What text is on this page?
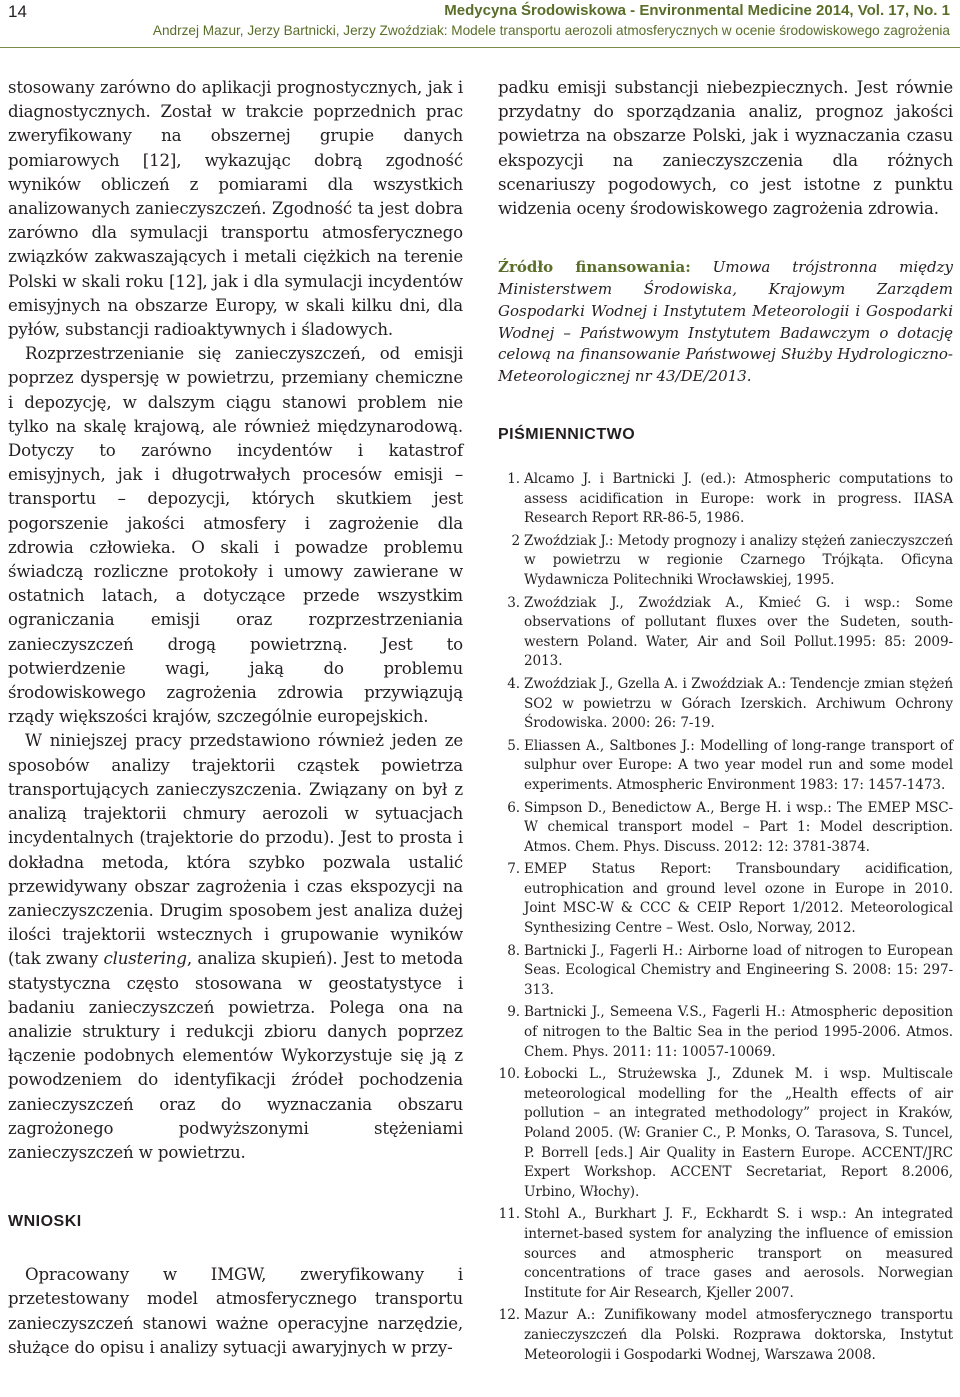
14	Medycyna Środowiskowa - Environmental Medicine 2014, Vol. 17, No. 1
Andrzej Mazur, Jerzy Bartnicki, Jerzy Zwoździak: Modele transportu aerozoli atmosferycznych w ocenie środowiskowego zagrożenia

stosowany zarówno do aplikacji prognostycznych, jak i diagnostycznych. Został w trakcie poprzednich prac zweryfikowany na obszernej grupie danych pomiarowych [12], wykazując dobrą zgodność wyników obliczeń z pomiarami dla wszystkich analizowanych zanieczyszczeń. Zgodność ta jest dobra zarówno dla symulacji transportu atmosferycznego związków zakwaszających i metali ciężkich na terenie Polski w skali roku [12], jak i dla symulacji incydentów emisyjnych na obszarze Europy, w skali kilku dni, dla pyłów, substancji radioaktywnych i śladowych.

Rozprzestrzenianie się zanieczyszczeń, od emisji poprzez dyspersję w powietrzu, przemiany chemiczne i depozycję, w dalszym ciągu stanowi problem nie tylko na skalę krajową, ale również międzynarodową. Dotyczy to zarówno incydentów i katastrof emisyjnych, jak i długotrwałych procesów emisji – transportu – depozycji, których skutkiem jest pogorszenie jakości atmosfery i zagrożenie dla zdrowia człowieka. O skali i powadze problemu świadczą rozliczne protokoły i umowy zawierane w ostatnich latach, a dotyczące przede wszystkim ograniczania emisji oraz rozprzestrzeniania zanieczyszczeń drogą powietrzną. Jest to potwierdzenie wagi, jaką do problemu środowiskowego zagrożenia zdrowia przywiązują rządy większości krajów, szczególnie europejskich.

W niniejszej pracy przedstawiono również jeden ze sposobów analizy trajektorii cząstek powietrza transportujących zanieczyszczenia. Związany on był z analizą trajektorii chmury aerozoli w sytuacjach incydentalnych (trajektorie do przodu). Jest to prosta i dokładna metoda, która szybko pozwala ustalić przewidywany obszar zagrożenia i czas ekspozycji na zanieczyszczenia. Drugim sposobem jest analiza dużej ilości trajektorii wstecznych i grupowanie wyników (tak zwany clustering, analiza skupień). Jest to metoda statystyczna często stosowana w geostatystyce i badaniu zanieczyszczeń powietrza. Polega ona na analizie struktury i redukcji zbioru danych poprzez łączenie podobnych elementów Wykorzystuje się ją z powodzeniem do identyfikacji źródeł pochodzenia zanieczyszczeń oraz do wyznaczania obszaru zagrożonego podwyższonymi stężeniami zanieczyszczeń w powietrzu.

WNIOSKI

Opracowany w IMGW, zweryfikowany i przetestowany model atmosferycznego transportu zanieczyszczeń stanowi ważne operacyjne narzędzie, służące do opisu i analizy sytuacji awaryjnych w przy-

padku emisji substancji niebezpiecznych. Jest równie przydatny do sporządzania analiz, prognoz jakości powietrza na obszarze Polski, jak i wyznaczania czasu ekspozycji na zanieczyszczenia dla różnych scenariuszy pogodowych, co jest istotne z punktu widzenia oceny środowiskowego zagrożenia zdrowia.

Źródło finansowania: Umowa trójstronna między Ministerstwem Środowiska, Krajowym Zarządem Gospodarki Wodnej i Instytutem Meteorologii i Gospodarki Wodnej – Państwowym Instytutem Badawczym o dotację celową na finansowanie Państwowej Służby Hydrologiczno-Meteorologicznej nr 43/DE/2013.

PIŚMIENNICTWO
1. Alcamo J. i Bartnicki J. (ed.): Atmospheric computations to assess acidification in Europe: work in progress. IIASA Research Report RR-86-5, 1986.
2 Zwoździak J.: Metody prognozy i analizy stężeń zanieczyszczeń w powietrzu w regionie Czarnego Trójkąta. Oficyna Wydawnicza Politechniki Wrocławskiej, 1995.
3. Zwoździak J., Zwoździak A., Kmieć G. i wsp.: Some observations of pollutant fluxes over the Sudeten, south-western Poland. Water, Air and Soil Pollut.1995: 85: 2009-2013.
4. Zwoździak J., Gzella A. i Zwoździak A.: Tendencje zmian stężeń SO2 w powietrzu w Górach Izerskich. Archiwum Ochrony Środowiska. 2000: 26: 7-19.
5. Eliassen A., Saltbones J.: Modelling of long-range transport of sulphur over Europe: A two year model run and some model experiments. Atmospheric Environment 1983: 17: 1457-1473.
6. Simpson D., Benedictow A., Berge H. i wsp.: The EMEP MSC-W chemical transport model – Part 1: Model description. Atmos. Chem. Phys. Discuss. 2012: 12: 3781-3874.
7. EMEP Status Report: Transboundary acidification, eutrophication and ground level ozone in Europe in 2010. Joint MSC-W & CCC & CEIP Report 1/2012. Meteorological Synthesizing Centre – West. Oslo, Norway, 2012.
8. Bartnicki J., Fagerli H.: Airborne load of nitrogen to European Seas. Ecological Chemistry and Engineering S. 2008: 15: 297-313.
9. Bartnicki J., Semeena V.S., Fagerli H.: Atmospheric deposition of nitrogen to the Baltic Sea in the period 1995-2006. Atmos. Chem. Phys. 2011: 11: 10057-10069.
10. Łobocki L., Strużewska J., Zdunek M. i wsp. Multiscale meteorological modelling for the „Health effects of air pollution – an integrated methodology” project in Kraków, Poland 2005. (W: Granier C., P. Monks, O. Tarasova, S. Tuncel, P. Borrell [eds.] Air Quality in Eastern Europe. ACCENT/JRC Expert Workshop. ACCENT Secretariat, Report 8.2006, Urbino, Włochy).
11. Stohl A., Burkhart J. F., Eckhardt S. i wsp.: An integrated internet-based system for analyzing the influence of emission sources and atmospheric transport on measured concentrations of trace gases and aerosols. Norwegian Institute for Air Research, Kjeller 2007.
12. Mazur A.: Zunifikowany model atmosferycznego transportu zanieczyszczeń dla Polski. Rozprawa doktorska, Instytut Meteorologii i Gospodarki Wodnej, Warszawa 2008.
